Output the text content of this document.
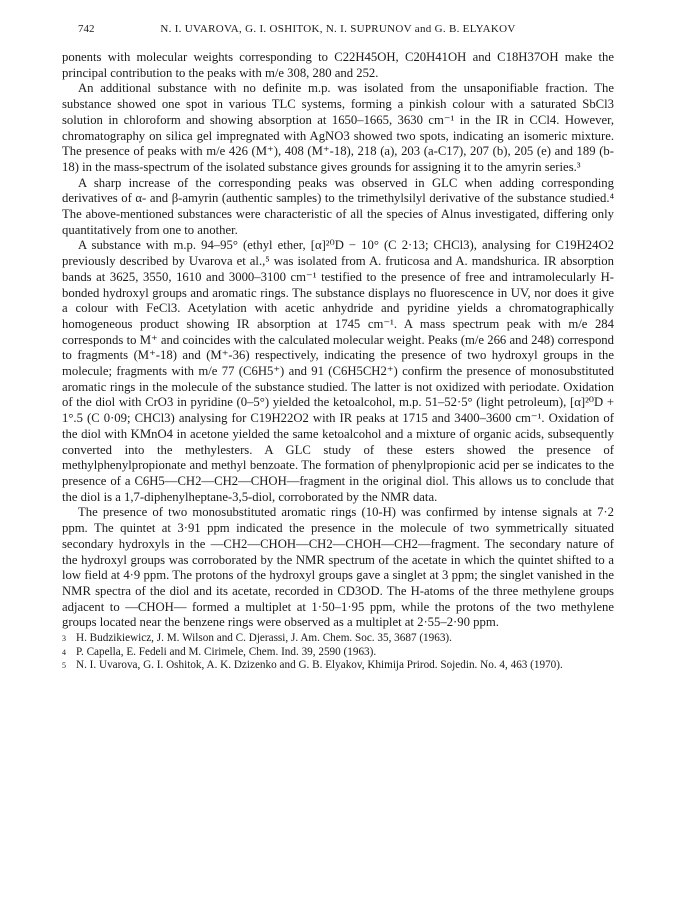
742	N. I. UVAROVA, G. I. OSHITOK, N. I. SUPRUNOV and G. B. ELYAKOV

ponents with molecular weights corresponding to C22H45OH, C20H41OH and C18H37OH make the principal contribution to the peaks with m/e 308, 280 and 252.

An additional substance with no definite m.p. was isolated from the unsaponifiable fraction. The substance showed one spot in various TLC systems, forming a pinkish colour with a saturated SbCl3 solution in chloroform and showing absorption at 1650–1665, 3630 cm⁻¹ in the IR in CCl4. However, chromatography on silica gel impregnated with AgNO3 showed two spots, indicating an isomeric mixture. The presence of peaks with m/e 426 (M⁺), 408 (M⁺-18), 218 (a), 203 (a-C17), 207 (b), 205 (e) and 189 (b-18) in the mass-spectrum of the isolated substance gives grounds for assigning it to the amyrin series.³

A sharp increase of the corresponding peaks was observed in GLC when adding corresponding derivatives of α- and β-amyrin (authentic samples) to the trimethylsilyl derivative of the substance studied.⁴ The above-mentioned substances were characteristic of all the species of Alnus investigated, differing only quantitatively from one to another.

A substance with m.p. 94–95° (ethyl ether, [α]²⁰D − 10° (C 2·13; CHCl3), analysing for C19H24O2 previously described by Uvarova et al.,⁵ was isolated from A. fruticosa and A. mandshurica. IR absorption bands at 3625, 3550, 1610 and 3000–3100 cm⁻¹ testified to the presence of free and intramolecularly H-bonded hydroxyl groups and aromatic rings. The substance displays no fluorescence in UV, nor does it give a colour with FeCl3. Acetylation with acetic anhydride and pyridine yields a chromatographically homogeneous product showing IR absorption at 1745 cm⁻¹. A mass spectrum peak with m/e 284 corresponds to M⁺ and coincides with the calculated molecular weight. Peaks (m/e 266 and 248) correspond to fragments (M⁺-18) and (M⁺-36) respectively, indicating the presence of two hydroxyl groups in the molecule; fragments with m/e 77 (C6H5⁺) and 91 (C6H5CH2⁺) confirm the presence of monosubstituted aromatic rings in the molecule of the substance studied. The latter is not oxidized with periodate. Oxidation of the diol with CrO3 in pyridine (0–5°) yielded the ketoalcohol, m.p. 51–52·5° (light petroleum), [α]²⁰D + 1°.5 (C 0·09; CHCl3) analysing for C19H22O2 with IR peaks at 1715 and 3400–3600 cm⁻¹. Oxidation of the diol with KMnO4 in acetone yielded the same ketoalcohol and a mixture of organic acids, subsequently converted into the methylesters. A GLC study of these esters showed the presence of methylphenylpropionate and methyl benzoate. The formation of phenylpropionic acid per se indicates to the presence of a C6H5—CH2—CH2—CHOH—fragment in the original diol. This allows us to conclude that the diol is a 1,7-diphenylheptane-3,5-diol, corroborated by the NMR data.

The presence of two monosubstituted aromatic rings (10-H) was confirmed by intense signals at 7·2 ppm. The quintet at 3·91 ppm indicated the presence in the molecule of two symmetrically situated secondary hydroxyls in the —CH2—CHOH—CH2—CHOH—CH2—fragment. The secondary nature of the hydroxyl groups was corroborated by the NMR spectrum of the acetate in which the quintet shifted to a low field at 4·9 ppm. The protons of the hydroxyl groups gave a singlet at 3 ppm; the singlet vanished in the NMR spectra of the diol and its acetate, recorded in CD3OD. The H-atoms of the three methylene groups adjacent to —CHOH— formed a multiplet at 1·50–1·95 ppm, while the protons of the two methylene groups located near the benzene rings were observed as a multiplet at 2·55–2·90 ppm.

3 H. Budzikiewicz, J. M. Wilson and C. Djerassi, J. Am. Chem. Soc. 35, 3687 (1963).
4 P. Capella, E. Fedeli and M. Cirimele, Chem. Ind. 39, 2590 (1963).
5 N. I. Uvarova, G. I. Oshitok, A. K. Dzizenko and G. B. Elyakov, Khimija Prirod. Sojedin. No. 4, 463 (1970).
